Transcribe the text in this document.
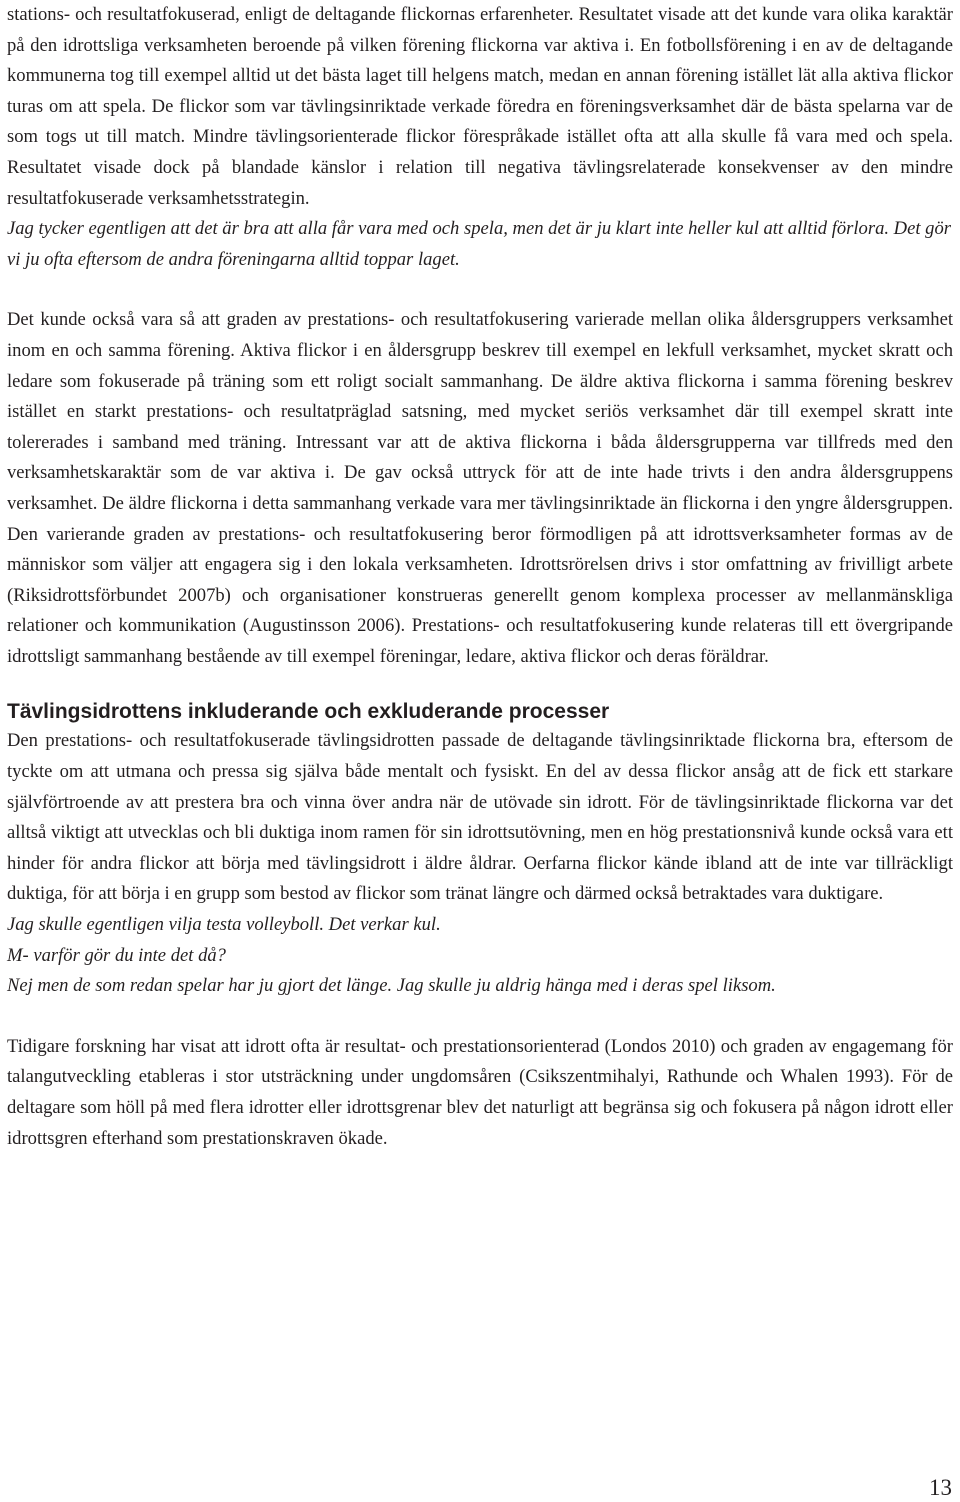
stations- och resultatfokuserad, enligt de deltagande flickornas erfarenheter. Resultatet visade att det kunde vara olika karaktär på den idrottsliga verksamheten beroende på vilken förening flickorna var aktiva i. En fotbollsförening i en av de deltagande kommunerna tog till exempel alltid ut det bästa laget till helgens match, medan en annan förening istället lät alla aktiva flickor turas om att spela. De flickor som var tävlingsinriktade verkade föredra en föreningsverksamhet där de bästa spelarna var de som togs ut till match. Mindre tävlingsorienterade flickor förespråkade istället ofta att alla skulle få vara med och spela. Resultatet visade dock på blandade känslor i relation till negativa tävlingsrelaterade konsekvenser av den mindre resultatfokuserade verksamhetsstrategin.

Jag tycker egentligen att det är bra att alla får vara med och spela, men det är ju klart inte heller kul att alltid förlora. Det gör vi ju ofta eftersom de andra föreningarna alltid toppar laget.

Det kunde också vara så att graden av prestations- och resultatfokusering varierade mellan olika åldersgruppers verksamhet inom en och samma förening. Aktiva flickor i en åldersgrupp beskrev till exempel en lekfull verksamhet, mycket skratt och ledare som fokuserade på träning som ett roligt socialt sammanhang. De äldre aktiva flickorna i samma förening beskrev istället en starkt prestations- och resultatpräglad satsning, med mycket seriös verksamhet där till exempel skratt inte tolererades i samband med träning. Intressant var att de aktiva flickorna i båda åldersgrupperna var tillfreds med den verksamhetskaraktär som de var aktiva i. De gav också uttryck för att de inte hade trivts i den andra åldersgruppens verksamhet. De äldre flickorna i detta sammanhang verkade vara mer tävlingsinriktade än flickorna i den yngre åldersgruppen. Den varierande graden av prestations- och resultatfokusering beror förmodligen på att idrottsverksamheter formas av de människor som väljer att engagera sig i den lokala verksamheten. Idrottsrörelsen drivs i stor omfattning av frivilligt arbete (Riksidrottsförbundet 2007b) och organisationer konstrueras generellt genom komplexa processer av mellanmänskliga relationer och kommunikation (Augustinsson 2006). Prestations- och resultatfokusering kunde relateras till ett övergripande idrottsligt sammanhang bestående av till exempel föreningar, ledare, aktiva flickor och deras föräldrar.

Tävlingsidrottens inkluderande och exkluderande processer

Den prestations- och resultatfokuserade tävlingsidrotten passade de deltagande tävlingsinriktade flickorna bra, eftersom de tyckte om att utmana och pressa sig själva både mentalt och fysiskt. En del av dessa flickor ansåg att de fick ett starkare självförtroende av att prestera bra och vinna över andra när de utövade sin idrott. För de tävlingsinriktade flickorna var det alltså viktigt att utvecklas och bli duktiga inom ramen för sin idrottsutövning, men en hög prestationsnivå kunde också vara ett hinder för andra flickor att börja med tävlingsidrott i äldre åldrar. Oerfarna flickor kände ibland att de inte var tillräckligt duktiga, för att börja i en grupp som bestod av flickor som tränat längre och därmed också betraktades vara duktigare.

Jag skulle egentligen vilja testa volleyboll. Det verkar kul.
M- varför gör du inte det då?
Nej men de som redan spelar har ju gjort det länge. Jag skulle ju aldrig hänga med i deras spel liksom.

Tidigare forskning har visat att idrott ofta är resultat- och prestationsorienterad (Londos 2010) och graden av engagemang för talangutveckling etableras i stor utsträckning under ungdomsåren (Csikszentmihalyi, Rathunde och Whalen 1993). För de deltagare som höll på med flera idrotter eller idrottsgrenar blev det naturligt att begränsa sig och fokusera på någon idrott eller idrottsgren efterhand som prestationskraven ökade.

13
